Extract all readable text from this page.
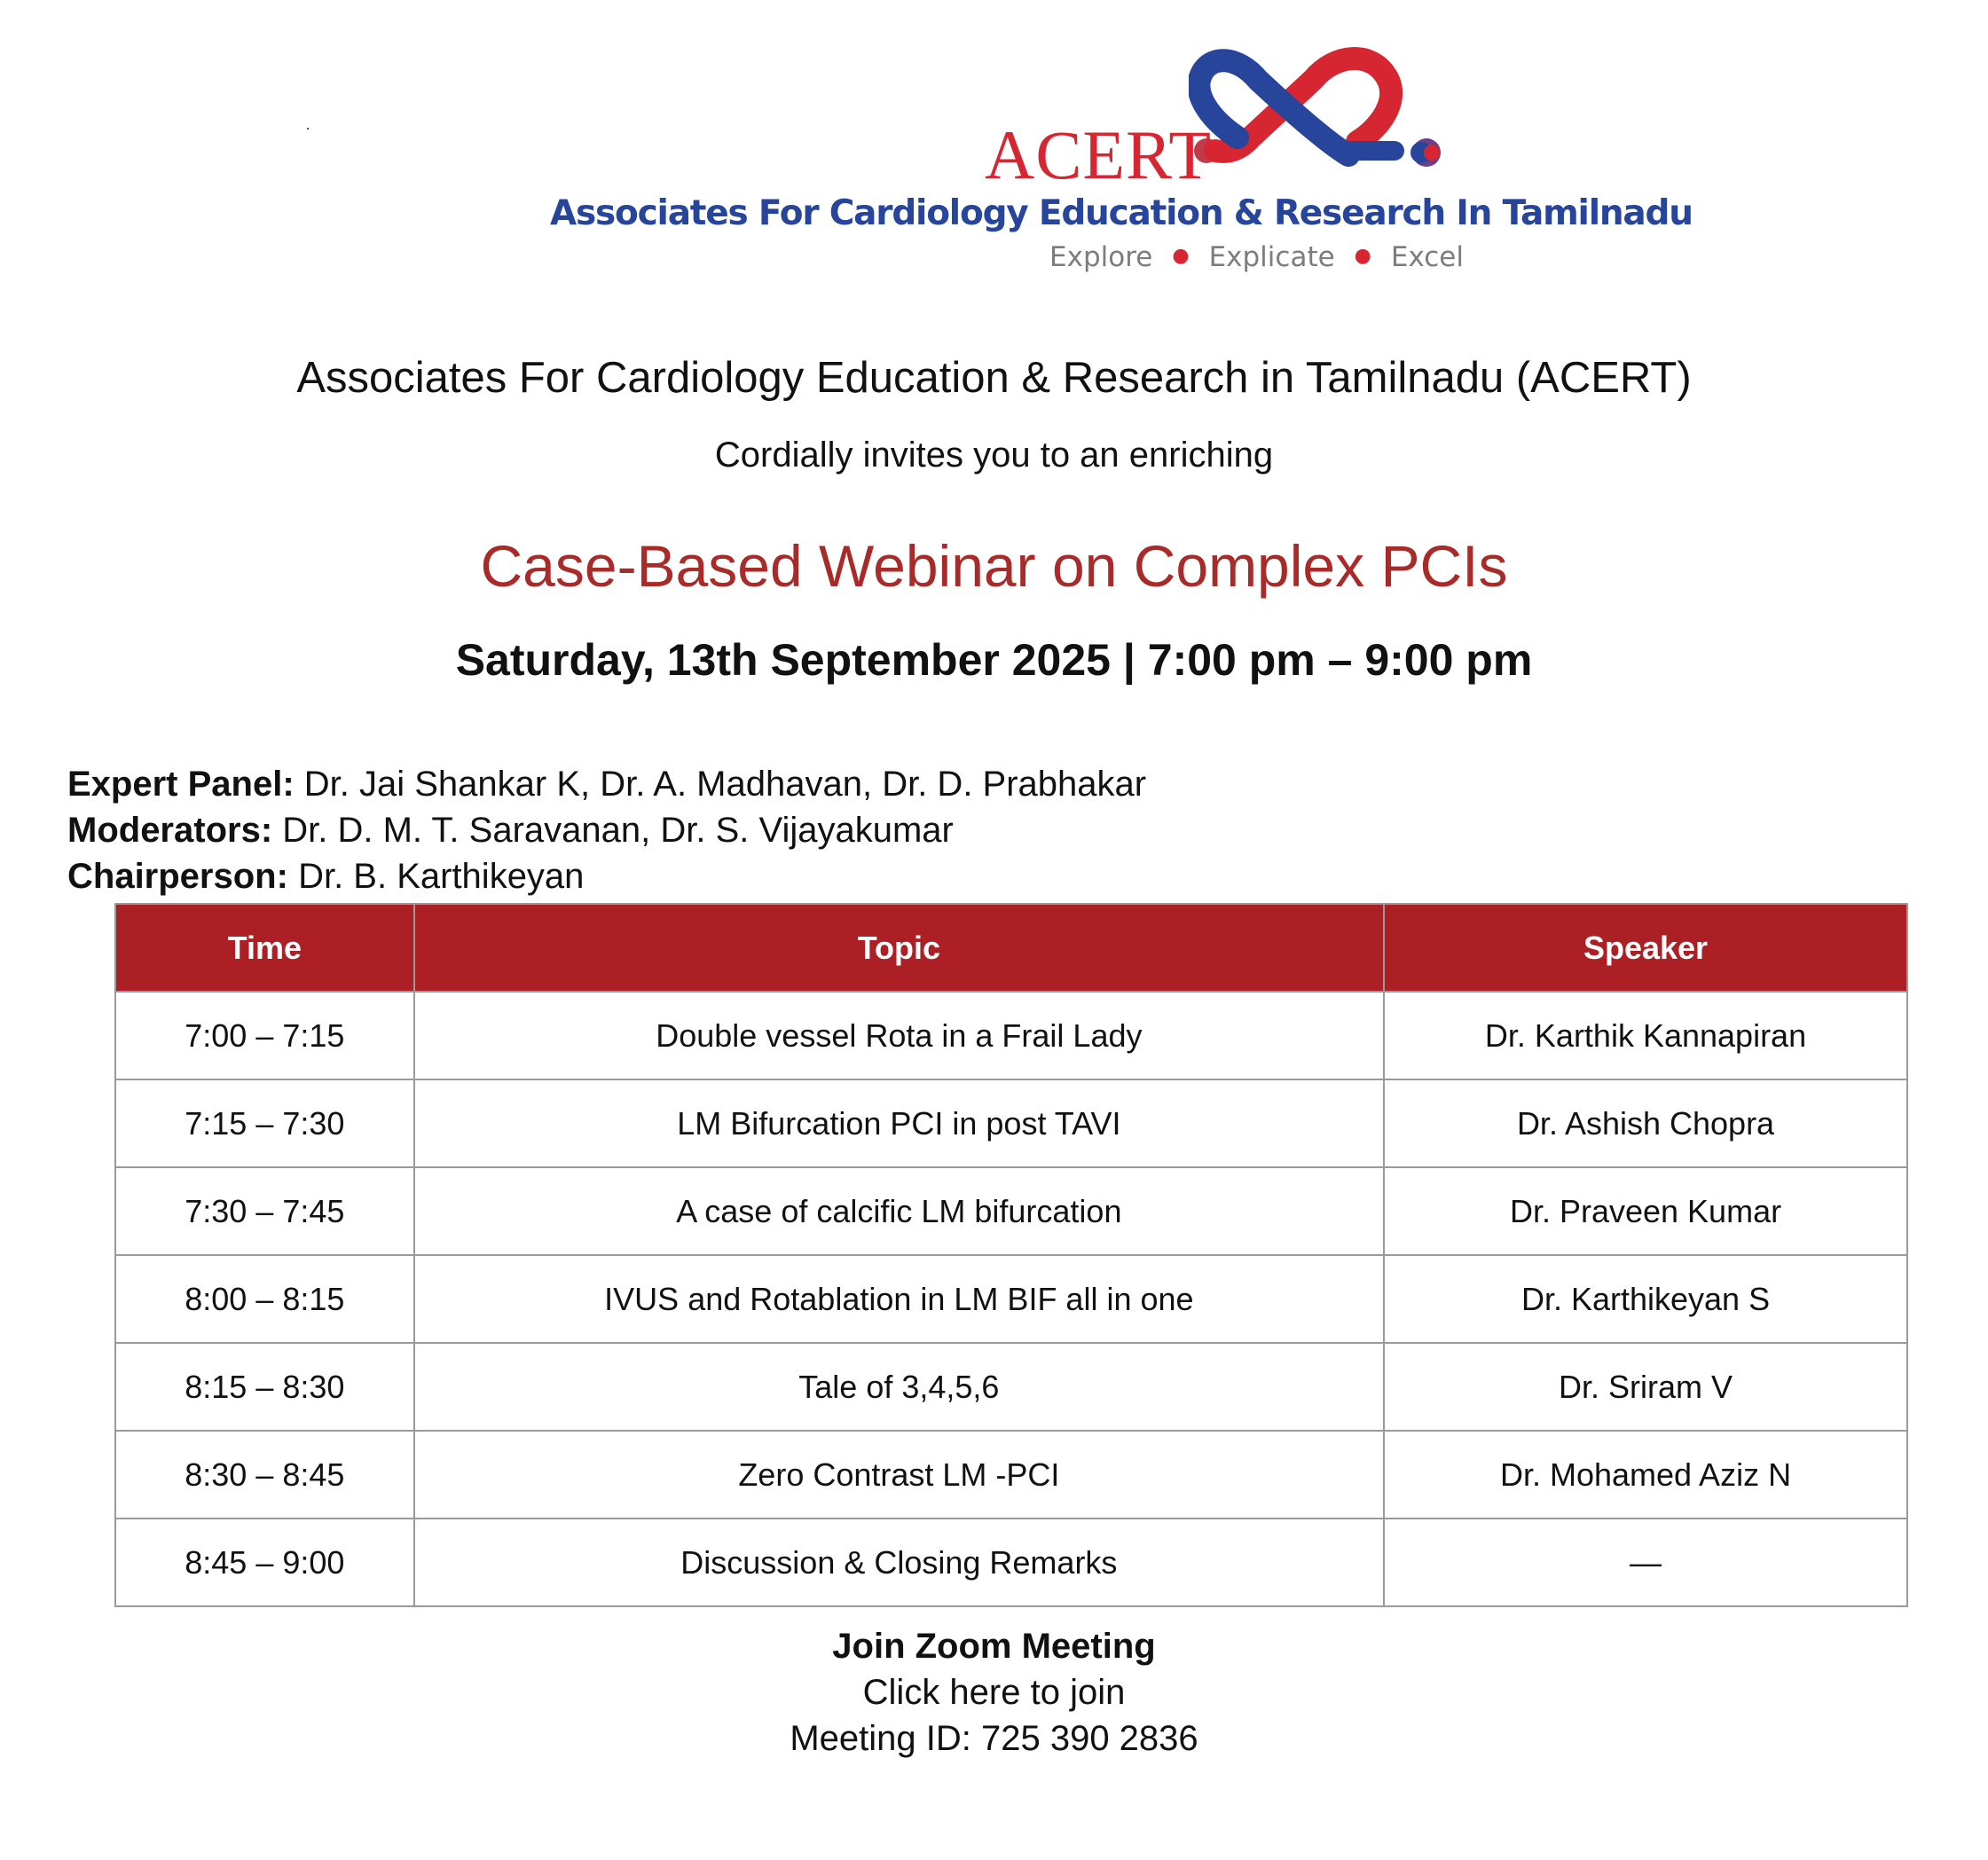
ACERT
Associates For Cardiology Education & Research In Tamilnadu
Explore ● Explicate ● Excel
Associates For Cardiology Education & Research in Tamilnadu (ACERT)
Cordially invites you to an enriching
Case-Based Webinar on Complex PCIs
Saturday, 13th September 2025 | 7:00 pm – 9:00 pm
Expert Panel: Dr. Jai Shankar K, Dr. A. Madhavan, Dr. D. Prabhakar
Moderators: Dr. D. M. T. Saravanan, Dr. S. Vijayakumar
Chairperson: Dr. B. Karthikeyan
Time	Topic	Speaker
7:00 – 7:15	Double vessel Rota in a Frail Lady	Dr. Karthik Kannapiran
7:15 – 7:30	LM Bifurcation PCI in post TAVI	Dr. Ashish Chopra
7:30 – 7:45	A case of calcific LM bifurcation	Dr. Praveen Kumar
8:00 – 8:15	IVUS and Rotablation in LM BIF all in one	Dr. Karthikeyan S
8:15 – 8:30	Tale of 3,4,5,6	Dr. Sriram V
8:30 – 8:45	Zero Contrast LM -PCI	Dr. Mohamed Aziz N
8:45 – 9:00	Discussion & Closing Remarks	—
Join Zoom Meeting
Click here to join
Meeting ID: 725 390 2836
